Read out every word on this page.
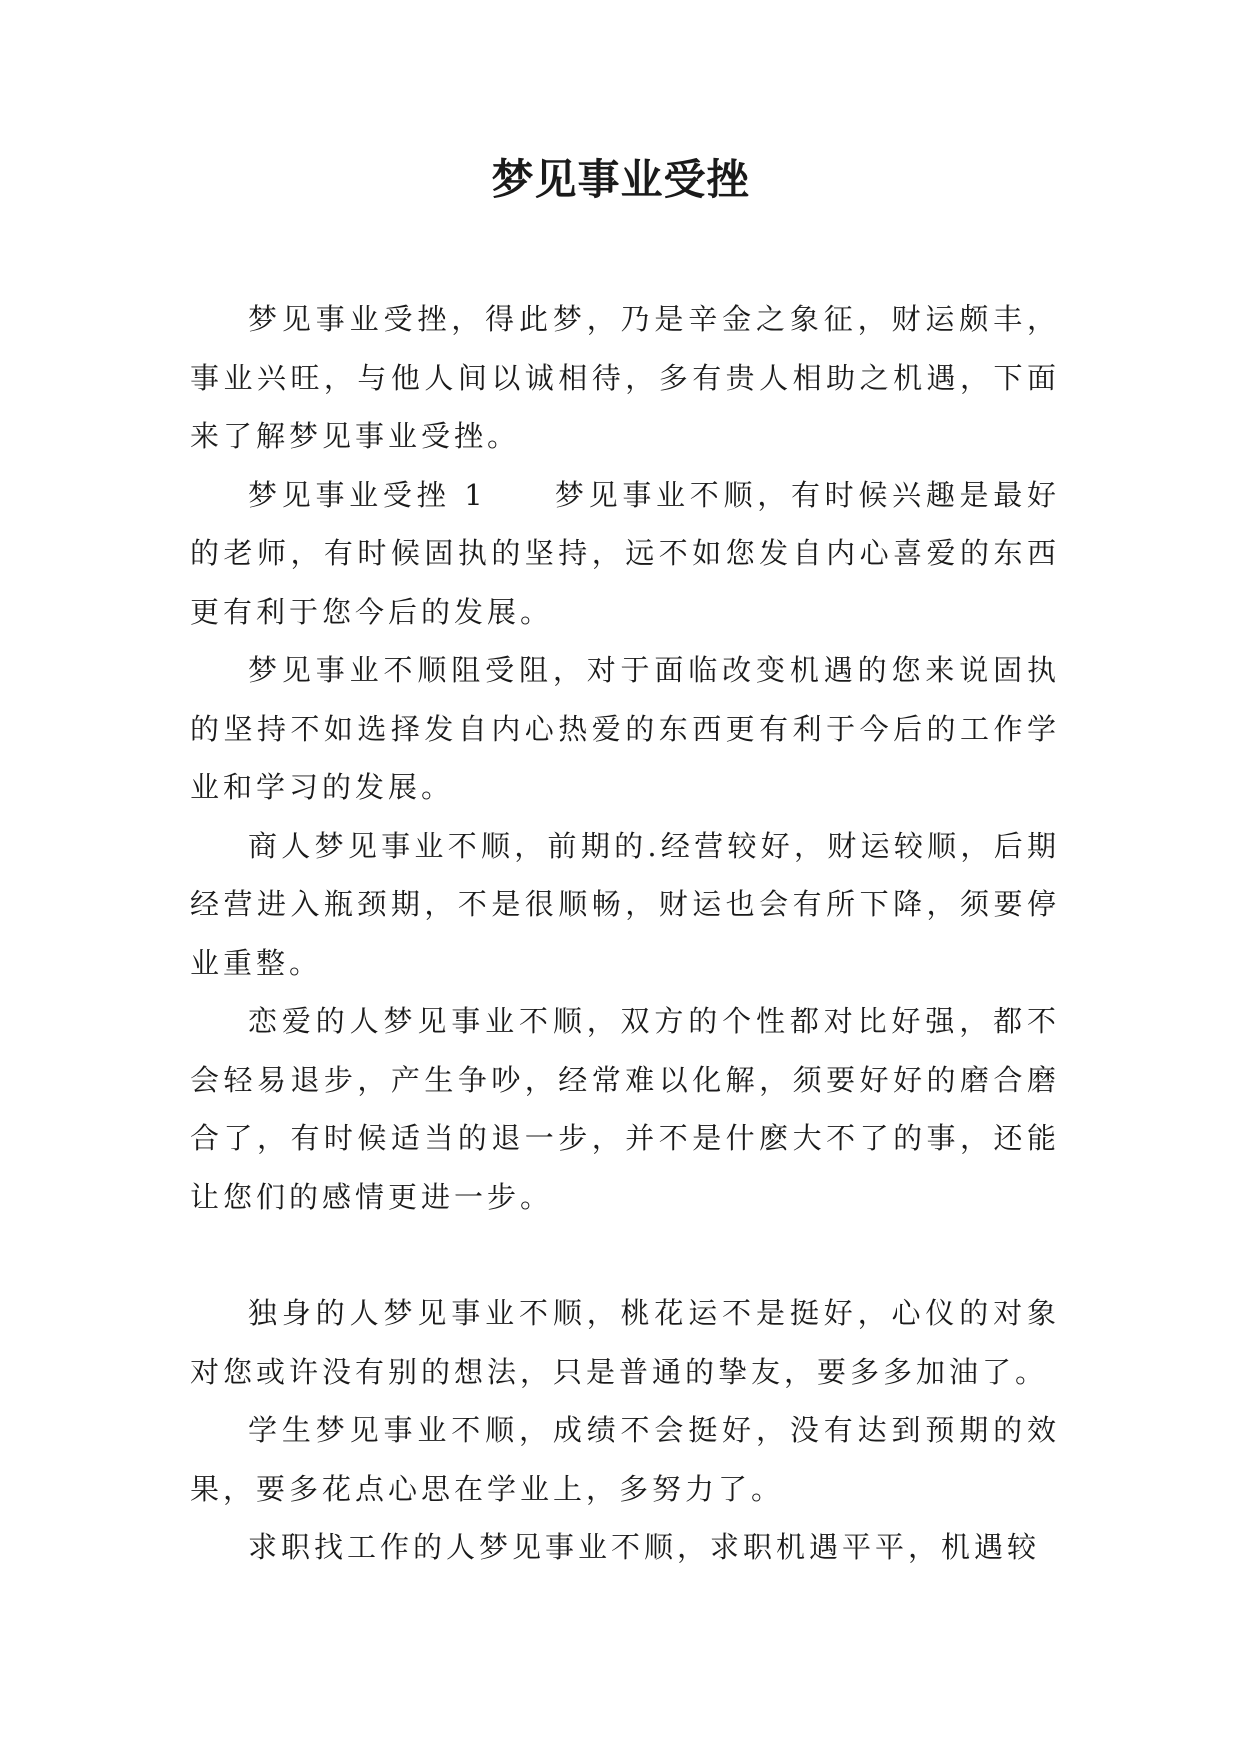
梦见事业受挫

梦见事业受挫，得此梦，乃是辛金之象征，财运颇丰，事业兴旺，与他人间以诚相待，多有贵人相助之机遇，下面来了解梦见事业受挫。

梦见事业受挫 1　　梦见事业不顺，有时候兴趣是最好的老师，有时候固执的坚持，远不如您发自内心喜爱的东西更有利于您今后的发展。

梦见事业不顺阻受阻，对于面临改变机遇的您来说固执的坚持不如选择发自内心热爱的东西更有利于今后的工作学业和学习的发展。

商人梦见事业不顺，前期的.经营较好，财运较顺，后期经营进入瓶颈期，不是很顺畅，财运也会有所下降，须要停业重整。

恋爱的人梦见事业不顺，双方的个性都对比好强，都不会轻易退步，产生争吵，经常难以化解，须要好好的磨合磨合了，有时候适当的退一步，并不是什麽大不了的事，还能让您们的感情更进一步。

独身的人梦见事业不顺，桃花运不是挺好，心仪的对象对您或许没有别的想法，只是普通的挚友，要多多加油了。

学生梦见事业不顺，成绩不会挺好，没有达到预期的效果，要多花点心思在学业上，多努力了。

求职找工作的人梦见事业不顺，求职机遇平平，机遇较
